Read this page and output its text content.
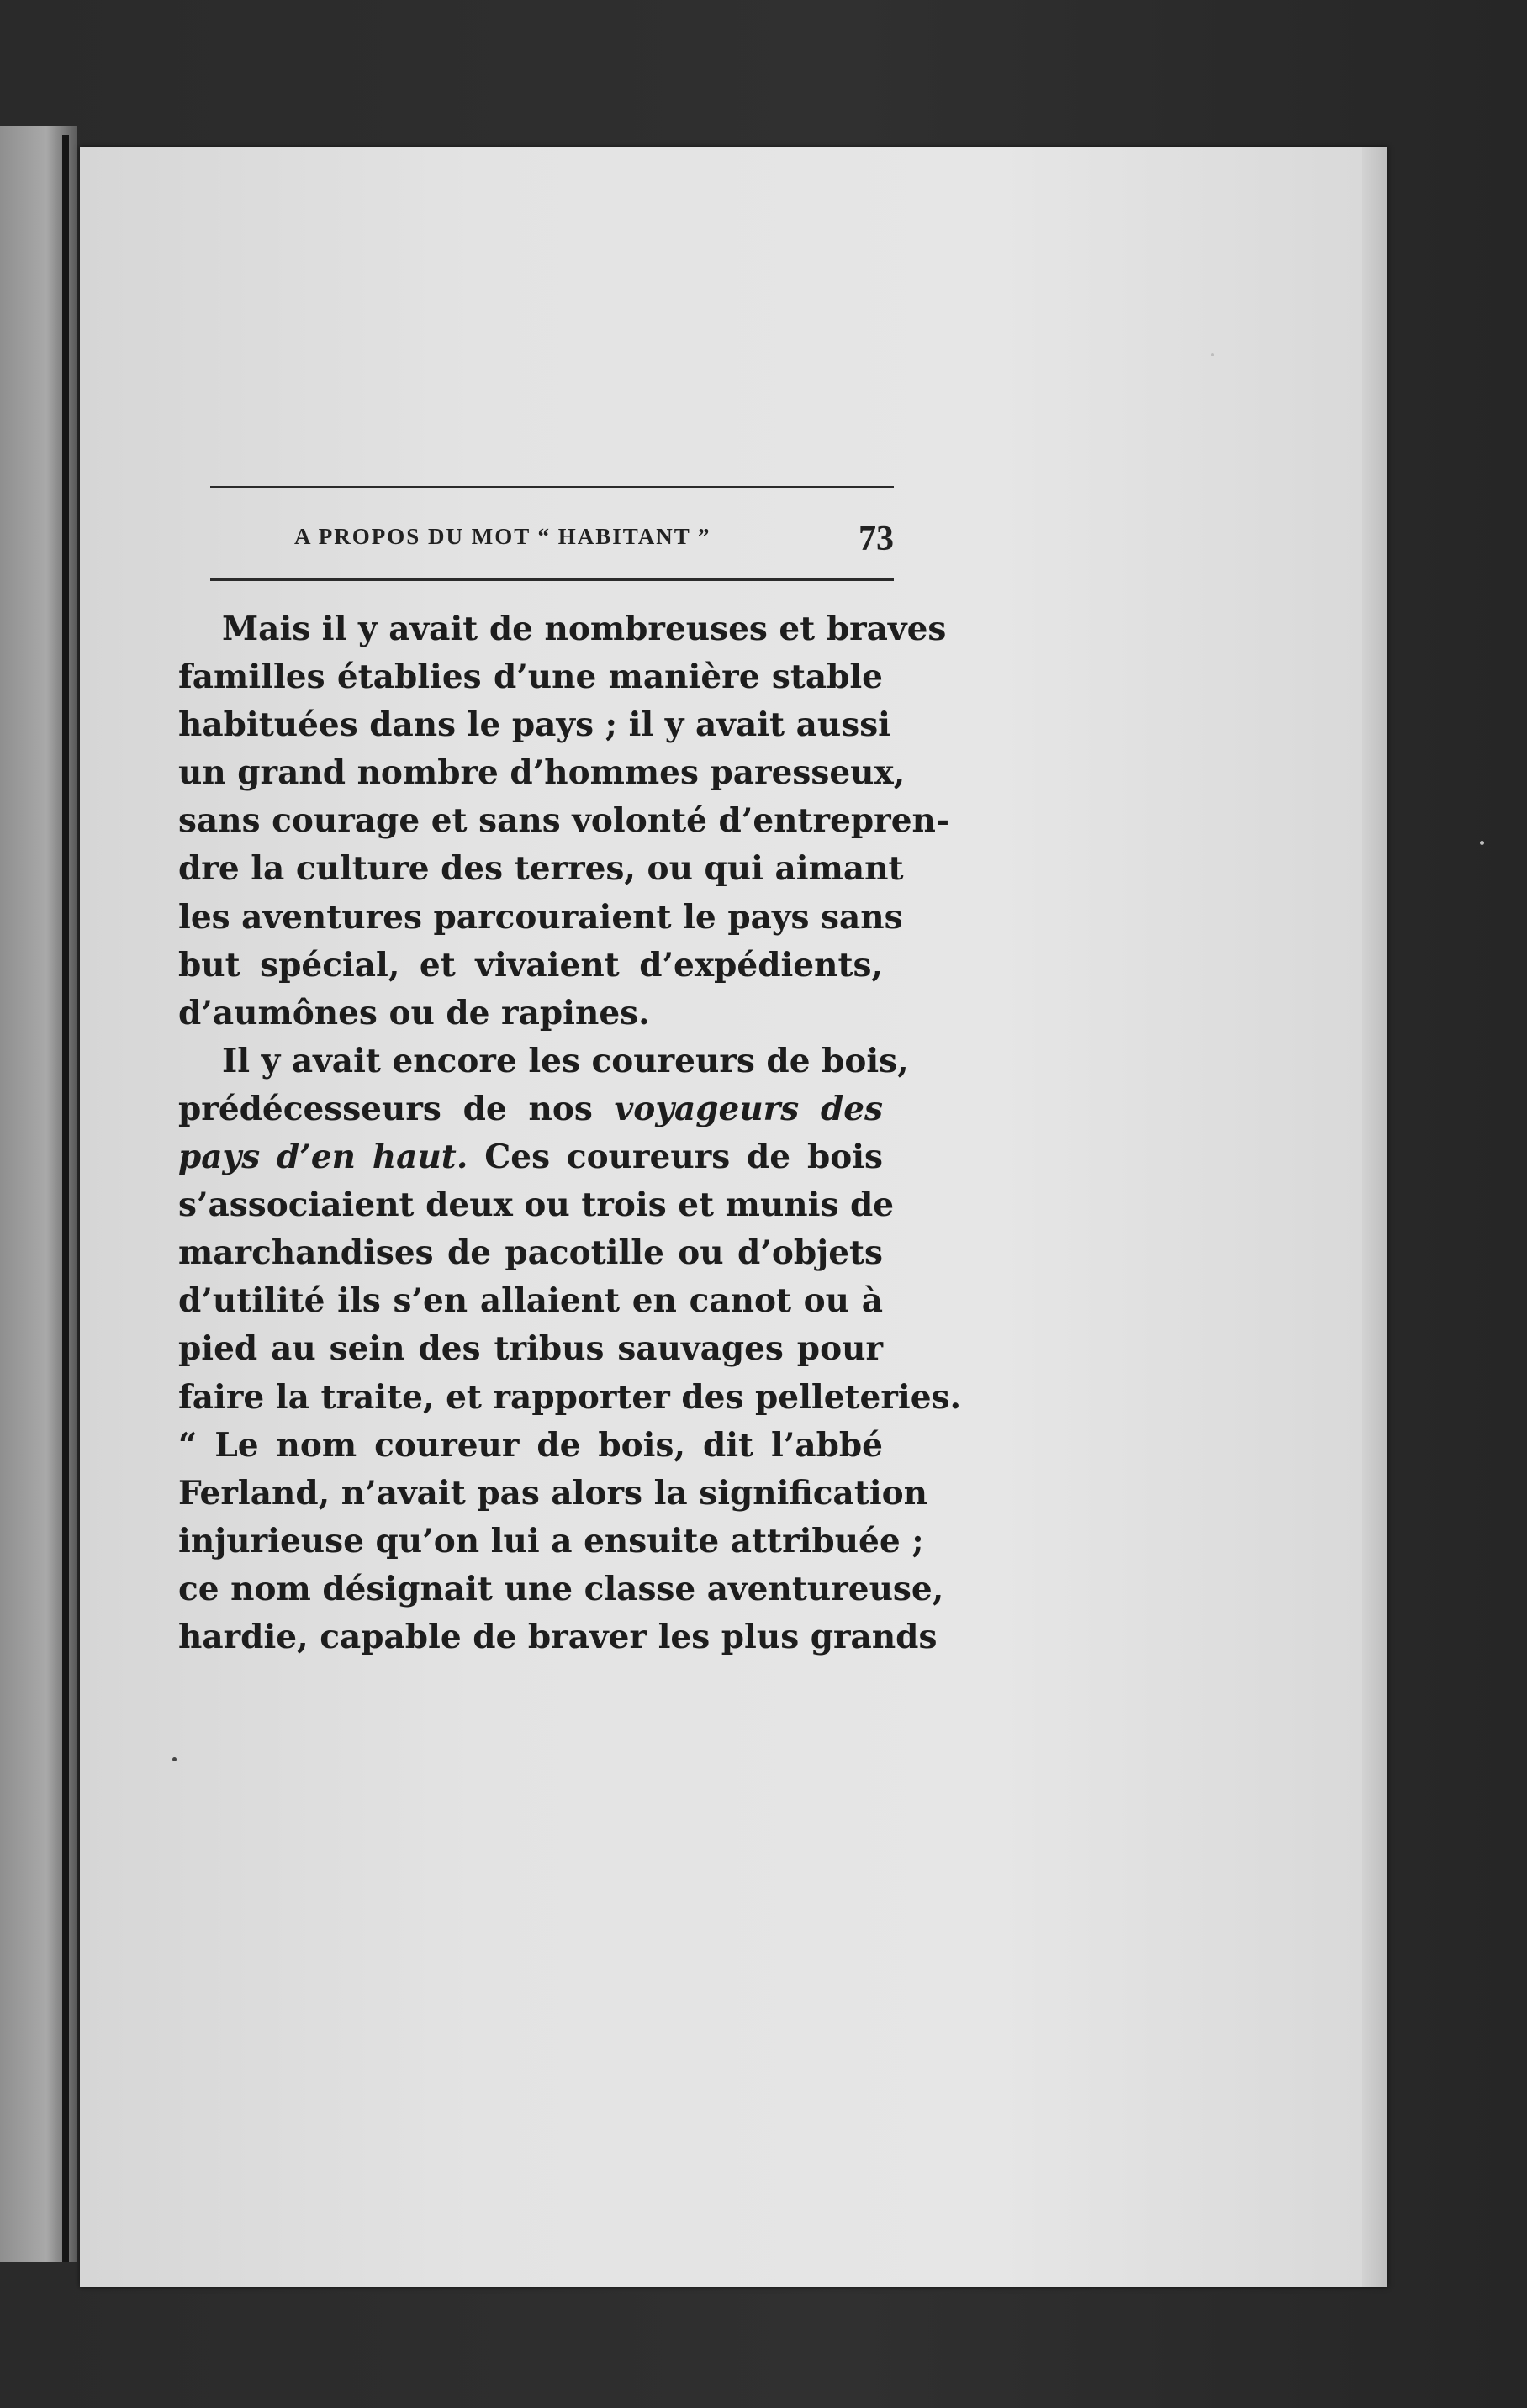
A PROPOS DU MOT “ HABITANT ”	73
Mais il y avait de nombreuses et braves
familles établies d’une manière stable
habituées dans le pays ; il y avait aussi
un grand nombre d’hommes paresseux,
sans courage et sans volonté d’entrepren-
dre la culture des terres, ou qui aimant
les aventures parcouraient le pays sans
but spécial, et vivaient d’expédients,
d’aumônes ou de rapines.
Il y avait encore les coureurs de bois,
prédécesseurs de nos voyageurs des
pays d’en haut. Ces coureurs de bois
s’associaient deux ou trois et munis de
marchandises de pacotille ou d’objets
d’utilité ils s’en allaient en canot ou à
pied au sein des tribus sauvages pour
faire la traite, et rapporter des pelleteries.
“ Le nom coureur de bois, dit l’abbé
Ferland, n’avait pas alors la signification
injurieuse qu’on lui a ensuite attribuée ;
ce nom désignait une classe aventureuse,
hardie, capable de braver les plus grands
